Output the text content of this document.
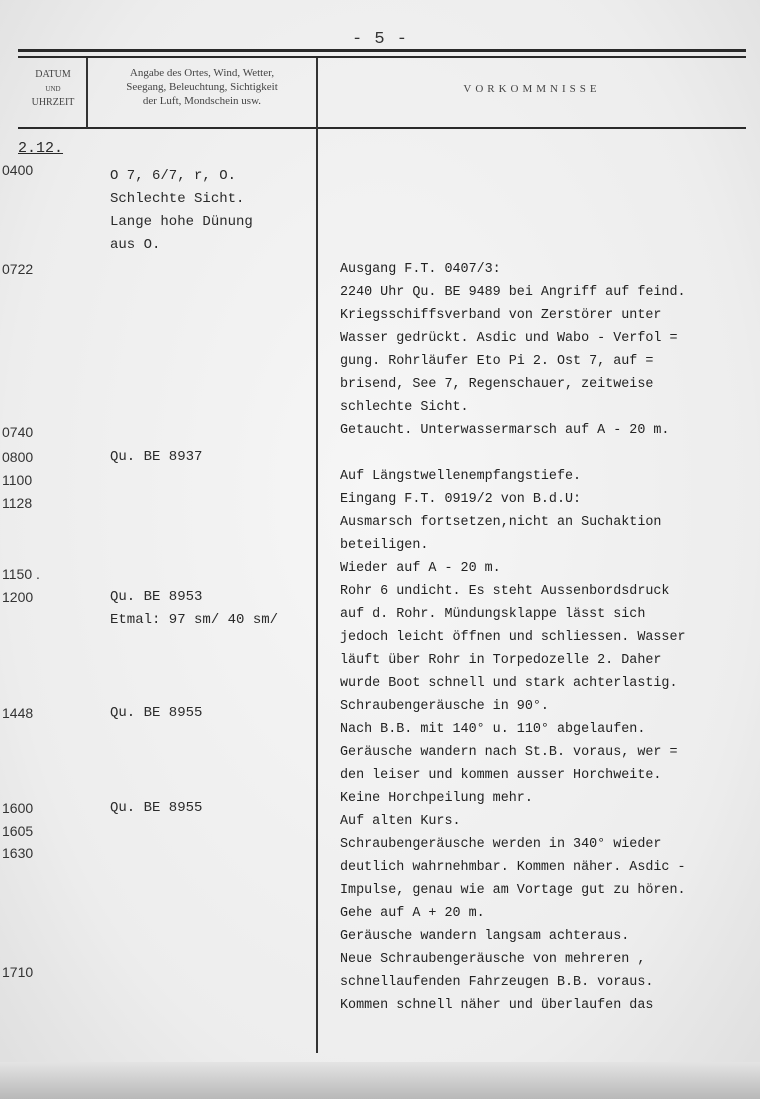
- 5 -
DATUM
und
UHRZEIT
Angabe des Ortes, Wind, Wetter,
Seegang, Beleuchtung, Sichtigkeit
der Luft, Mondschein usw.
VORKOMMNISSE
2.12.
0400
0722
0740
0800
1100
1128
1150 .
1200
1448
1600
1605
1630
1710
O 7, 6/7, r, O.
Schlechte Sicht.
Lange hohe Dünung
aus O.
Qu. BE 8937
Qu. BE 8953
Etmal: 97 sm/ 40 sm/
Qu. BE 8955
Qu. BE 8955
Ausgang F.T. 0407/3:
2240 Uhr Qu. BE 9489 bei Angriff auf feind.
Kriegsschiffsverband von Zerstörer unter
Wasser gedrückt. Asdic und Wabo - Verfol =
gung. Rohrläufer Eto Pi 2. Ost 7, auf =
brisend, See 7, Regenschauer, zeitweise
schlechte Sicht.
Getaucht. Unterwassermarsch auf A - 20 m.

Auf Längstwellenempfangstiefe.
Eingang F.T. 0919/2 von B.d.U:
Ausmarsch fortsetzen,nicht an Suchaktion
beteiligen.
Wieder auf A - 20 m.
Rohr 6 undicht. Es steht Aussenbordsdruck
auf d. Rohr. Mündungsklappe lässt sich
jedoch leicht öffnen und schliessen. Wasser
läuft über Rohr in Torpedozelle 2. Daher
wurde Boot schnell und stark achterlastig.
Schraubengeräusche in 90°.
Nach B.B. mit 140° u. 110° abgelaufen.
Geräusche wandern nach St.B. voraus, wer =
den leiser und kommen ausser Horchweite.
Keine Horchpeilung mehr.
Auf alten Kurs.
Schraubengeräusche werden in 340° wieder
deutlich wahrnehmbar. Kommen näher. Asdic -
Impulse, genau wie am Vortage gut zu hören.
Gehe auf A + 20 m.
Geräusche wandern langsam achteraus.
Neue Schraubengeräusche von mehreren ,
schnellaufenden Fahrzeugen B.B. voraus.
Kommen schnell näher und überlaufen das
